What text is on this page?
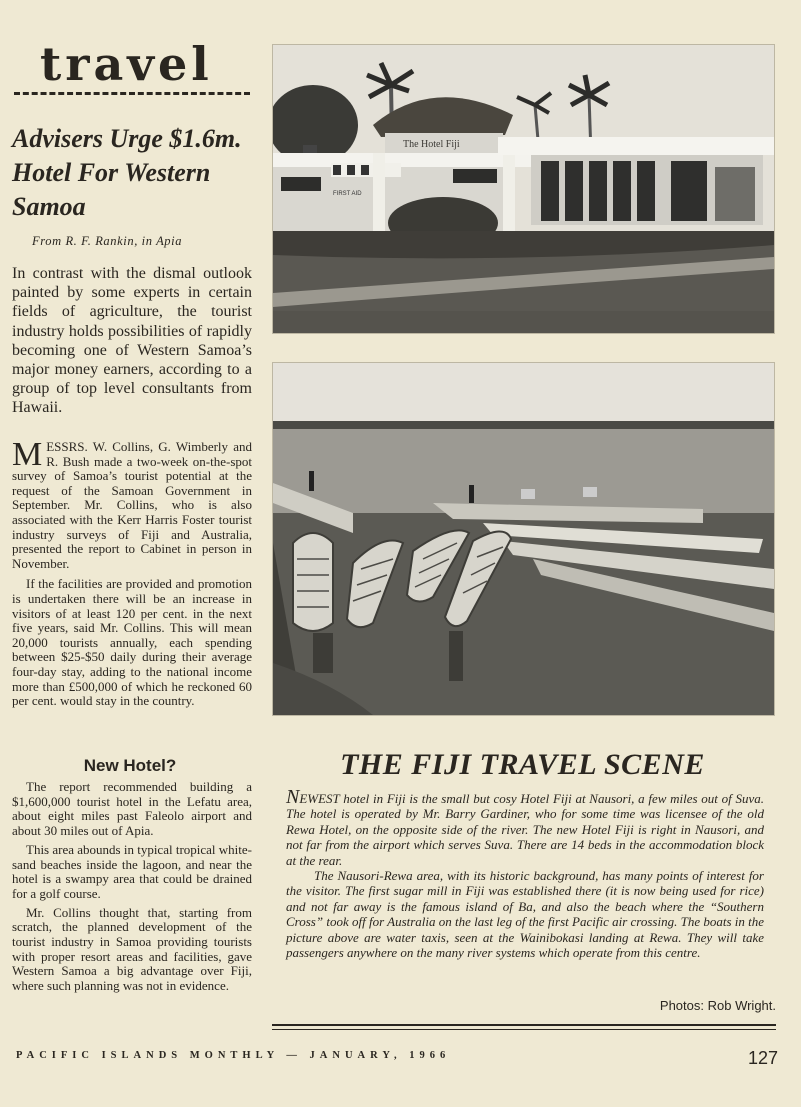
travel
Advisers Urge $1.6m. Hotel For Western Samoa
From R. F. Rankin, in Apia
In contrast with the dismal outlook painted by some experts in certain fields of agriculture, the tourist industry holds possibilities of rapidly becoming one of Western Samoa’s major money earners, according to a group of top level consultants from Hawaii.

MESSRS. W. Collins, G. Wimberly and R. Bush made a two-week on-the-spot survey of Samoa’s tourist potential at the request of the Samoan Government in September. Mr. Collins, who is also associated with the Kerr Harris Foster tourist industry surveys of Fiji and Australia, presented the report to Cabinet in person in November.

If the facilities are provided and promotion is undertaken there will be an increase in visitors of at least 120 per cent. in the next five years, said Mr. Collins. This will mean 20,000 tourists annually, each spending between $25-$50 daily during their average four-day stay, adding to the national income more than £500,000 of which he reckoned 60 per cent. would stay in the country.

New Hotel?

The report recommended building a $1,600,000 tourist hotel in the Lefatu area, about eight miles past Faleolo airport and about 30 miles out of Apia.

This area abounds in typical tropical white-sand beaches inside the lagoon, and near the hotel is a swampy area that could be drained for a golf course.

Mr. Collins thought that, starting from scratch, the planned development of the tourist industry in Samoa providing tourists with proper resort areas and facilities, gave Western Samoa a big advantage over Fiji, where such planning was not in evidence.

The Hotel Fiji
FIRST AID
THE FIJI TRAVEL SCENE

NEWEST hotel in Fiji is the small but cosy Hotel Fiji at Nausori, a few miles out of Suva. The hotel is operated by Mr. Barry Gardiner, who for some time was licensee of the old Rewa Hotel, on the opposite side of the river. The new Hotel Fiji is right in Nausori, and not far from the airport which serves Suva. There are 14 beds in the accommodation block at the rear.

The Nausori-Rewa area, with its historic background, has many points of interest for the visitor. The first sugar mill in Fiji was established there (it is now being used for rice) and not far away is the famous island of Ba, and also the beach where the “Southern Cross” took off for Australia on the last leg of the first Pacific air crossing. The boats in the picture above are water taxis, seen at the Wainibokasi landing at Rewa. They will take passengers anywhere on the many river systems which operate from this centre.

Photos: Rob Wright.
PACIFIC ISLANDS MONTHLY — JANUARY, 1966	127
